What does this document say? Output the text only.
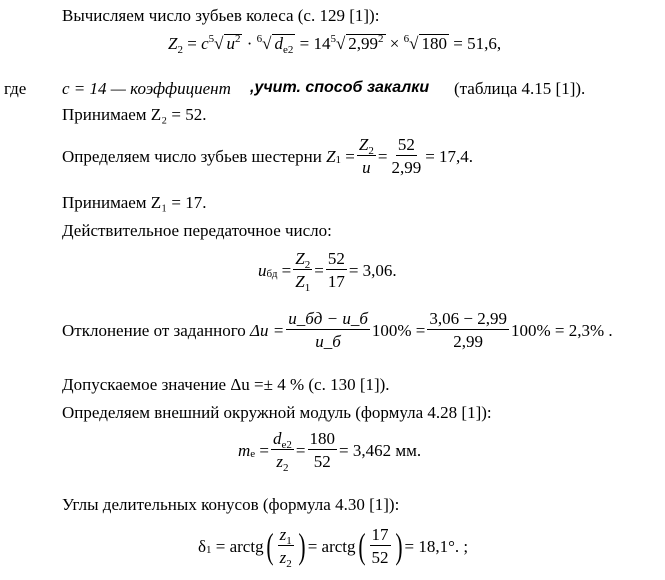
Вычисляем число зубьев колеса (с. 129 [1]):
$Z_2 = c^5√$ $u^2 \cdot ^6√$ $d_{е2} = 14^5√$ $2,99^2 \times ^6√$ 180 = 51,6,
где c = 14 — коэффициент ,учит. способ закалки (таблица 4.15 [1]).
Принимаем Z₂ = 52.
Определяем число зубьев шестерни
Z $1 = \frac{Z_2}{u} = \frac{52}{2,99} = 17,4$.
Принимаем Z₁ = 17.
Действительное передаточное число:
u бд = $\frac{Z_2}{Z_1} = \frac{52}{17} = 3,06$.
Отклонение от заданного
$\Delta u = \frac{u\_бд - u\_б}{u\_б} 100\% = \frac{3,06 - 2,99}{2,99} 100\% = 2,3\%$
.
Допускаемое значение Δu =± 4 % (с. 130 [1]).
Определяем внешний окружной модуль (формула 4.28 [1]):
m $е = \frac{d_{е2}}{z_2} = \frac{180}{52} = 3,462$ мм.
Углы делительных конусов (формула 4.30 [1]):
δ 1
= arctg ( $\frac{z_1}{z_2}$ ) = arctg ( $\frac{17}{52}$ ) = 18,1°. ;
